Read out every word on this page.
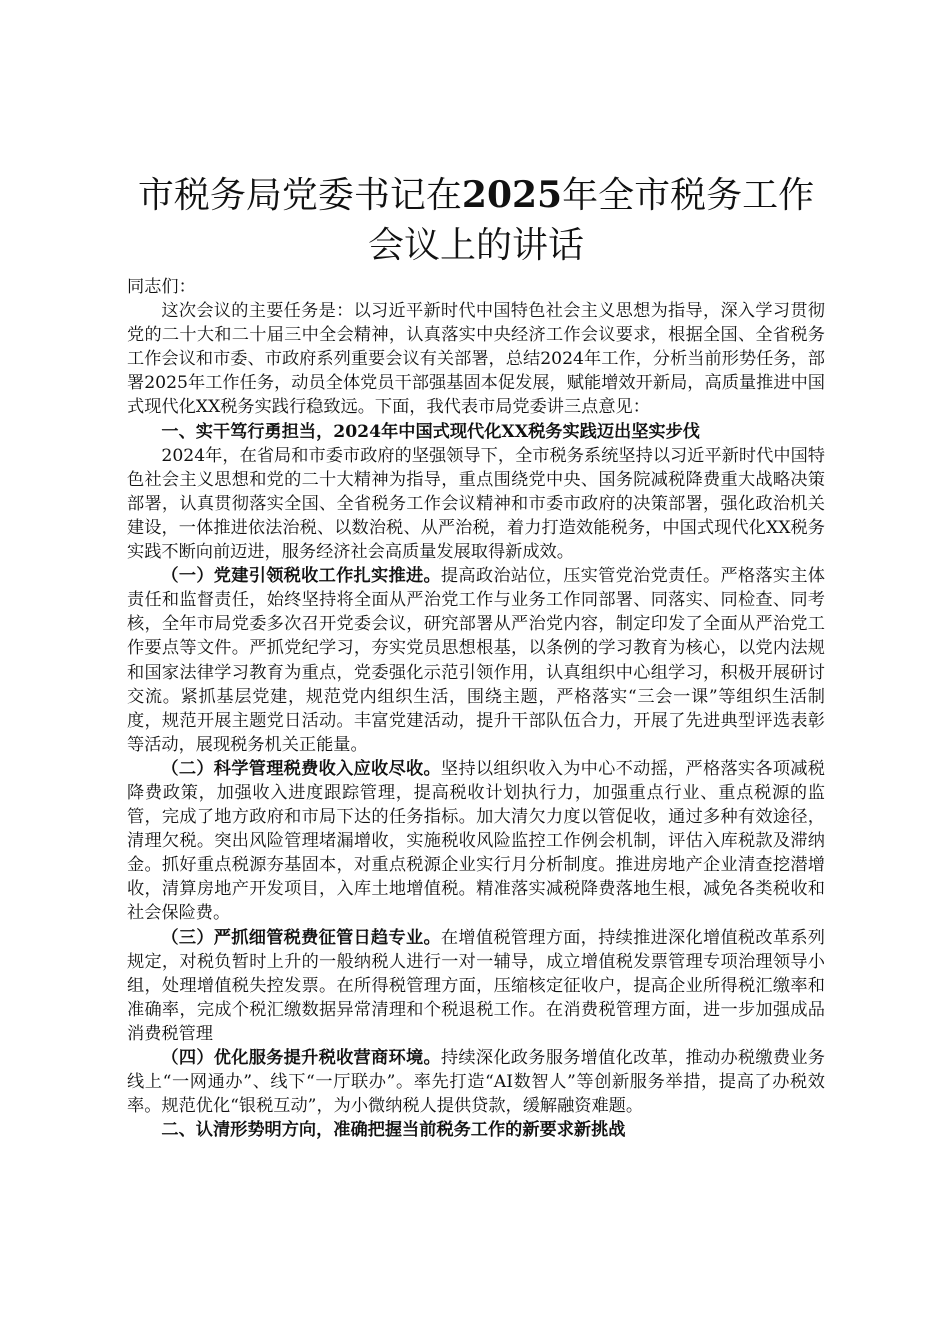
市税务局党委书记在2025年全市税务工作会议上的讲话

同志们：

这次会议的主要任务是：以习近平新时代中国特色社会主义思想为指导，深入学习贯彻党的二十大和二十届三中全会精神，认真落实中央经济工作会议要求，根据全国、全省税务工作会议和市委、市政府系列重要会议有关部署，总结2024年工作，分析当前形势任务，部署2025年工作任务，动员全体党员干部强基固本促发展，赋能增效开新局，高质量推进中国式现代化XX税务实践行稳致远。下面，我代表市局党委讲三点意见：

一、实干笃行勇担当，2024年中国式现代化XX税务实践迈出坚实步伐

2024年，在省局和市委市政府的坚强领导下，全市税务系统坚持以习近平新时代中国特色社会主义思想和党的二十大精神为指导，重点围绕党中央、国务院减税降费重大战略决策部署，认真贯彻落实全国、全省税务工作会议精神和市委市政府的决策部署，强化政治机关建设，一体推进依法治税、以数治税、从严治税，着力打造效能税务，中国式现代化XX税务实践不断向前迈进，服务经济社会高质量发展取得新成效。

（一）党建引领税收工作扎实推进。提高政治站位，压实管党治党责任。严格落实主体责任和监督责任，始终坚持将全面从严治党工作与业务工作同部署、同落实、同检查、同考核，全年市局党委多次召开党委会议，研究部署从严治党内容，制定印发了全面从严治党工作要点等文件。严抓党纪学习，夯实党员思想根基，以条例的学习教育为核心，以党内法规和国家法律学习教育为重点，党委强化示范引领作用，认真组织中心组学习，积极开展研讨交流。紧抓基层党建，规范党内组织生活，围绕主题，严格落实“三会一课”等组织生活制度，规范开展主题党日活动。丰富党建活动，提升干部队伍合力，开展了先进典型评选表彰等活动，展现税务机关正能量。

（二）科学管理税费收入应收尽收。坚持以组织收入为中心不动摇，严格落实各项减税降费政策，加强收入进度跟踪管理，提高税收计划执行力，加强重点行业、重点税源的监管，完成了地方政府和市局下达的任务指标。加大清欠力度以管促收，通过多种有效途径，清理欠税。突出风险管理堵漏增收，实施税收风险监控工作例会机制，评估入库税款及滞纳金。抓好重点税源夯基固本，对重点税源企业实行月分析制度。推进房地产企业清查挖潜增收，清算房地产开发项目，入库土地增值税。精准落实减税降费落地生根，减免各类税收和社会保险费。

（三）严抓细管税费征管日趋专业。在增值税管理方面，持续推进深化增值税改革系列规定，对税负暂时上升的一般纳税人进行一对一辅导，成立增值税发票管理专项治理领导小组，处理增值税失控发票。在所得税管理方面，压缩核定征收户，提高企业所得税汇缴率和准确率，完成个税汇缴数据异常清理和个税退税工作。在消费税管理方面，进一步加强成品消费税管理

（四）优化服务提升税收营商环境。持续深化政务服务增值化改革，推动办税缴费业务线上“一网通办”、线下“一厅联办”。率先打造“AI数智人”等创新服务举措，提高了办税效率。规范优化“银税互动”，为小微纳税人提供贷款，缓解融资难题。

二、认清形势明方向，准确把握当前税务工作的新要求新挑战
